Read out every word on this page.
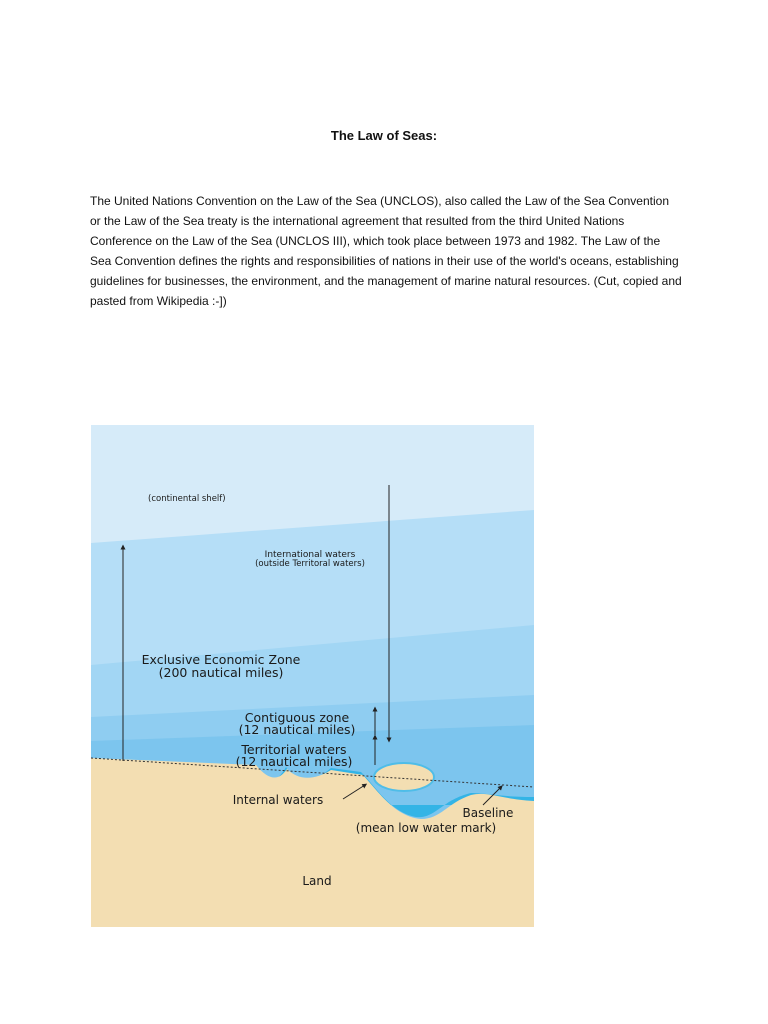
The Law of Seas:

The United Nations Convention on the Law of the Sea (UNCLOS), also called the Law of the Sea Convention or the Law of the Sea treaty is the international agreement that resulted from the third United Nations Conference on the Law of the Sea (UNCLOS III), which took place between 1973 and 1982. The Law of the Sea Convention defines the rights and responsibilities of nations in their use of the world's oceans, establishing guidelines for businesses, the environment, and the management of marine natural resources. (Cut, copied and pasted from Wikipedia :-])

(continental shelf)
International waters
(outside Territoral waters)
Exclusive Economic Zone
(200 nautical miles)
Contiguous zone
(12 nautical miles)
Territorial waters
(12 nautical miles)
Internal waters
Baseline
(mean low water mark)
Land
